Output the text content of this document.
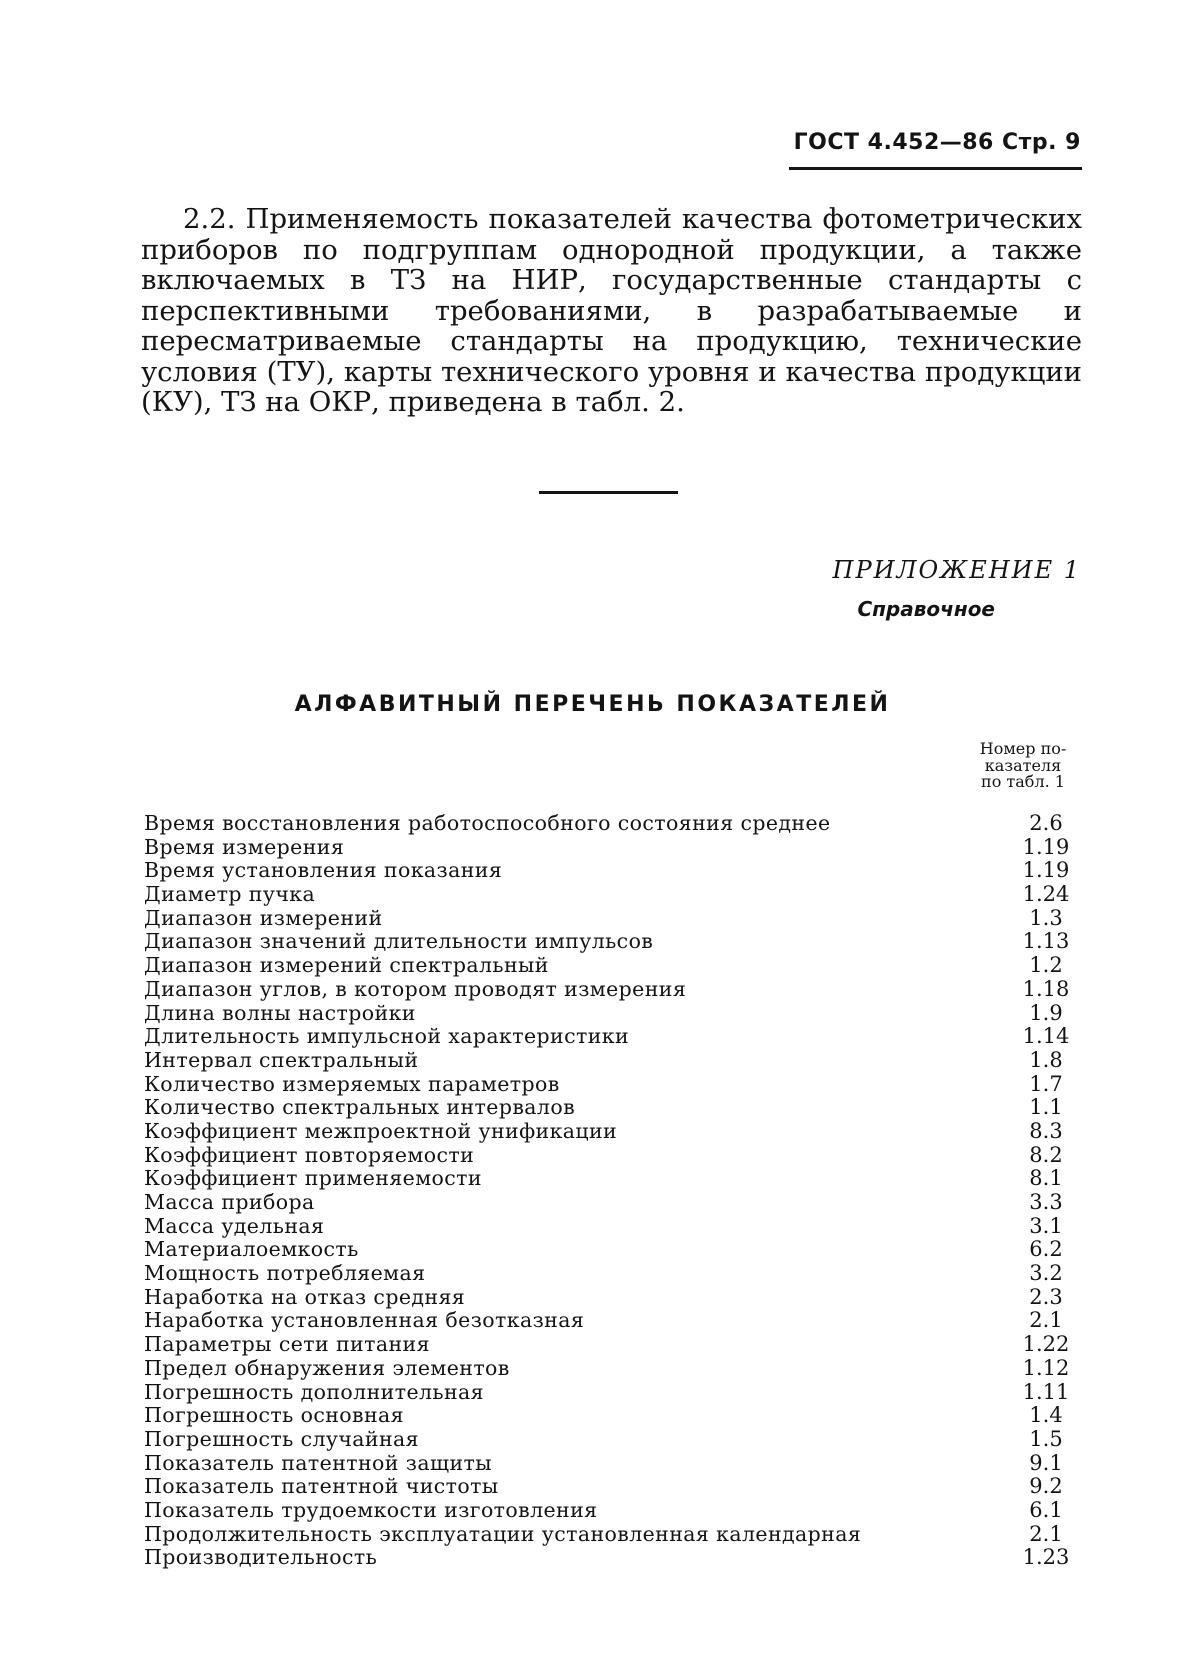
ГОСТ 4.452—86 Стр. 9

2.2. Применяемость показателей качества фотометрических приборов по подгруппам однородной продукции, а также включаемых в ТЗ на НИР, государственные стандарты с перспективными требованиями, в разрабатываемые и пересматриваемые стандарты на продукцию, технические условия (ТУ), карты технического уровня и качества продукции (КУ), ТЗ на ОКР, приведена в табл. 2.

ПРИЛОЖЕНИЕ 1
Справочное
АЛФАВИТНЫЙ ПЕРЕЧЕНЬ ПОКАЗАТЕЛЕЙ
Номер по-
казателя
по табл. 1
Время восстановления работоспособного состояния среднее	2.6
Время измерения	1.19
Время установления показания	1.19
Диаметр пучка	1.24
Диапазон измерений	1.3
Диапазон значений длительности импульсов	1.13
Диапазон измерений спектральный	1.2
Диапазон углов, в котором проводят измерения	1.18
Длина волны настройки	1.9
Длительность импульсной характеристики	1.14
Интервал спектральный	1.8
Количество измеряемых параметров	1.7
Количество спектральных интервалов	1.1
Коэффициент межпроектной унификации	8.3
Коэффициент повторяемости	8.2
Коэффициент применяемости	8.1
Масса прибора	3.3
Масса удельная	3.1
Материалоемкость	6.2
Мощность потребляемая	3.2
Наработка на отказ средняя	2.3
Наработка установленная безотказная	2.1
Параметры сети питания	1.22
Предел обнаружения элементов	1.12
Погрешность дополнительная	1.11
Погрешность основная	1.4
Погрешность случайная	1.5
Показатель патентной защиты	9.1
Показатель патентной чистоты	9.2
Показатель трудоемкости изготовления	6.1
Продолжительность эксплуатации установленная календарная	2.1
Производительность	1.23
